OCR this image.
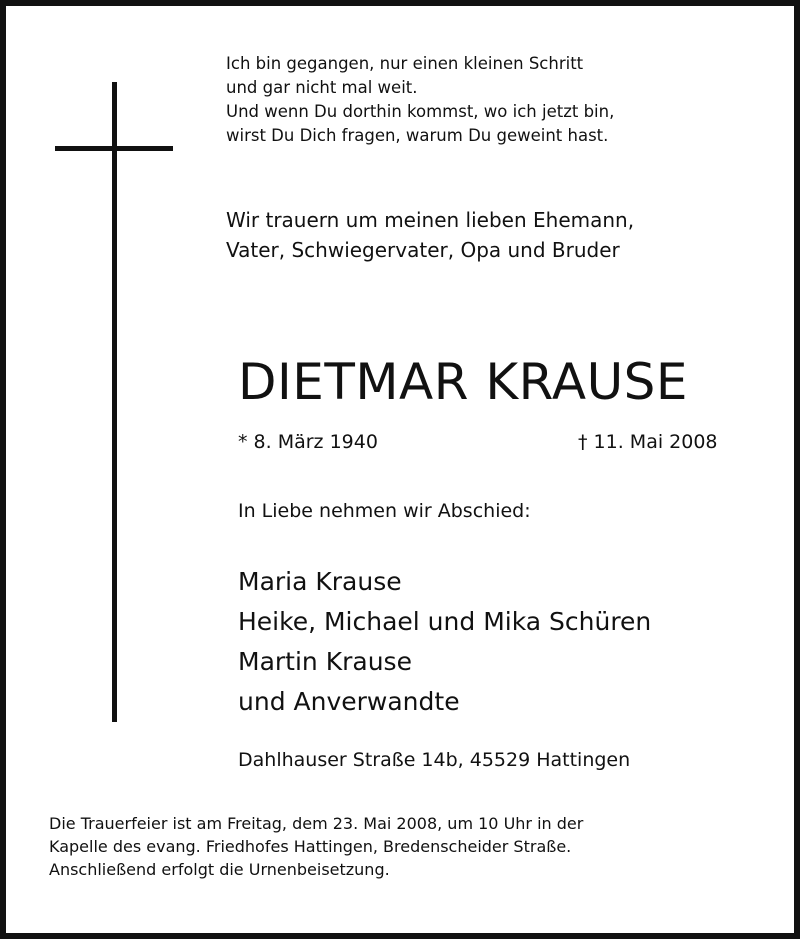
Ich bin gegangen, nur einen kleinen Schritt
und gar nicht mal weit.
Und wenn Du dorthin kommst, wo ich jetzt bin,
wirst Du Dich fragen, warum Du geweint hast.
Wir trauern um meinen lieben Ehemann,
Vater, Schwiegervater, Opa und Bruder
DIETMAR KRAUSE
* 8. März 1940	† 11. Mai 2008
In Liebe nehmen wir Abschied:
Maria Krause
Heike, Michael und Mika Schüren
Martin Krause
und Anverwandte
Dahlhauser Straße 14b, 45529 Hattingen
Die Trauerfeier ist am Freitag, dem 23. Mai 2008, um 10 Uhr in der
Kapelle des evang. Friedhofes Hattingen, Bredenscheider Straße.
Anschließend erfolgt die Urnenbeisetzung.
